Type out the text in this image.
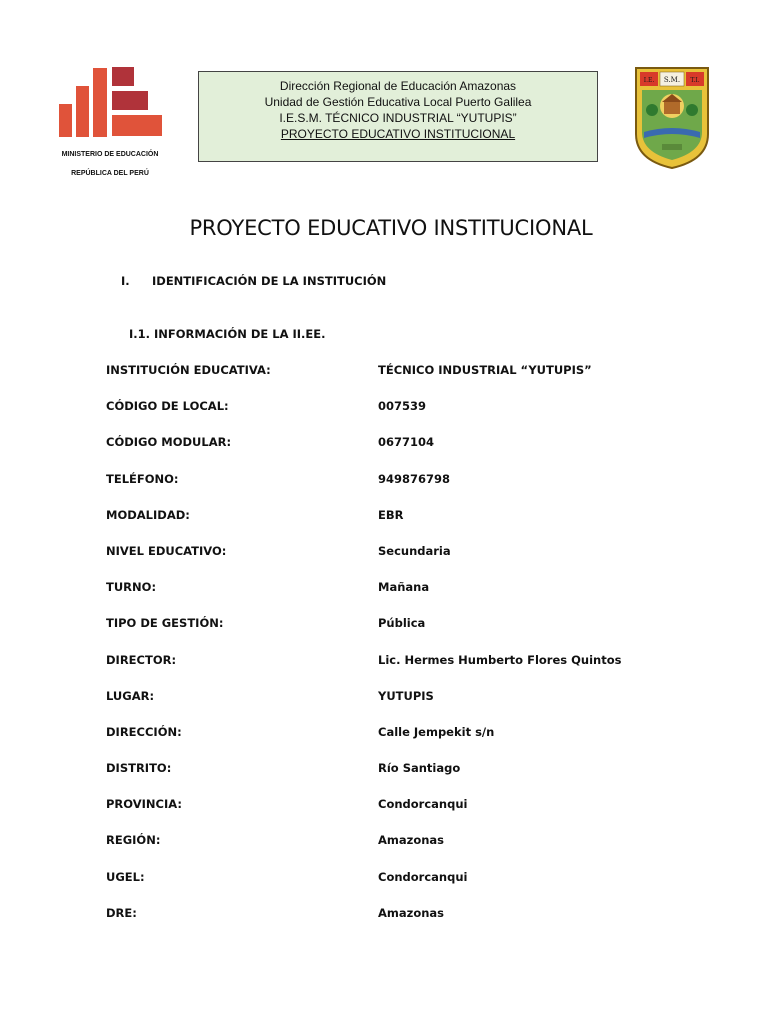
MINISTERIO DE EDUCACIÓN
REPÚBLICA DEL PERÚ
Dirección Regional de Educación Amazonas
Unidad de Gestión Educativa Local Puerto Galilea
I.E.S.M. TÉCNICO INDUSTRIAL “YUTUPIS”
PROYECTO EDUCATIVO INSTITUCIONAL
I.E. S.M. T.I.
PROYECTO EDUCATIVO INSTITUCIONAL
I. IDENTIFICACIÓN DE LA INSTITUCIÓN
I.1. INFORMACIÓN DE LA II.EE.
INSTITUCIÓN EDUCATIVA:	TÉCNICO INDUSTRIAL “YUTUPIS”
CÓDIGO DE LOCAL:	007539
CÓDIGO MODULAR:	0677104
TELÉFONO:	949876798
MODALIDAD:	EBR
NIVEL EDUCATIVO:	Secundaria
TURNO:	Mañana
TIPO DE GESTIÓN:	Pública
DIRECTOR:	Lic. Hermes Humberto Flores Quintos
LUGAR:	YUTUPIS
DIRECCIÓN:	Calle Jempekit s/n
DISTRITO:	Río Santiago
PROVINCIA:	Condorcanqui
REGIÓN:	Amazonas
UGEL:	Condorcanqui
DRE:	Amazonas
